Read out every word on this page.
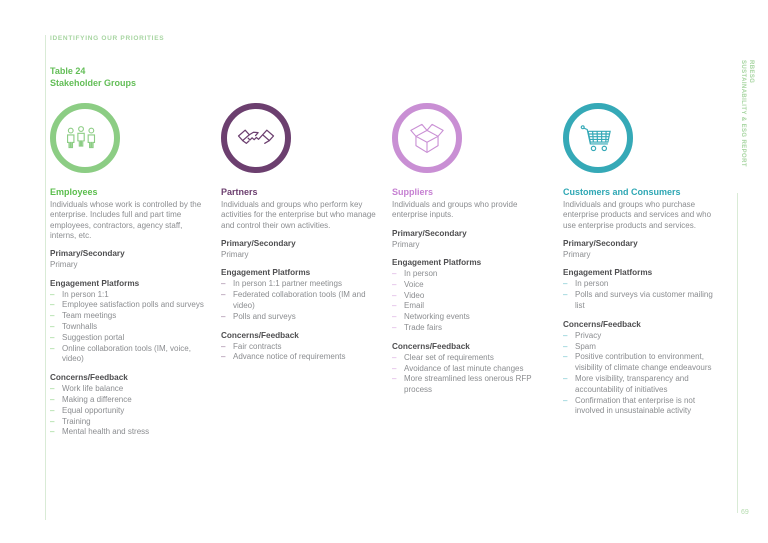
IDENTIFYING OUR PRIORITIES
Table 24
Stakeholder Groups
Employees

Individuals whose work is controlled by the enterprise. Includes full and part time employees, contractors, agency staff, interns, etc.

Primary/Secondary

Primary

Engagement Platforms
– In person 1:1
– Employee satisfaction polls and surveys
– Team meetings
– Townhalls
– Suggestion portal
– Online collaboration tools (IM, voice, video)
Concerns/Feedback
– Work life balance
– Making a difference
– Equal opportunity
– Training
– Mental health and stress
Partners

Individuals and groups who perform key activities for the enterprise but who manage and control their own activities.

Primary/Secondary

Primary

Engagement Platforms
– In person 1:1 partner meetings
– Federated collaboration tools (IM and video)
– Polls and surveys
Concerns/Feedback
– Fair contracts
– Advance notice of requirements
Suppliers

Individuals and groups who provide enterprise inputs.

Primary/Secondary

Primary

Engagement Platforms
– In person
– Voice
– Video
– Email
– Networking events
– Trade fairs
Concerns/Feedback
– Clear set of requirements
– Avoidance of last minute changes
– More streamlined less onerous RFP process
Customers and Consumers

Individuals and groups who purchase enterprise products and services and who use enterprise products and services.

Primary/Secondary

Primary

Engagement Platforms
– In person
– Polls and surveys via customer mailing list
Concerns/Feedback
– Privacy
– Spam
– Positive contribution to environment, visibility of climate change endeavours
– More visibility, transparency and accountability of initiatives
– Confirmation that enterprise is not involved in unsustainable activity
RBESG
SUSTAINABILITY & ESG REPORT
69
